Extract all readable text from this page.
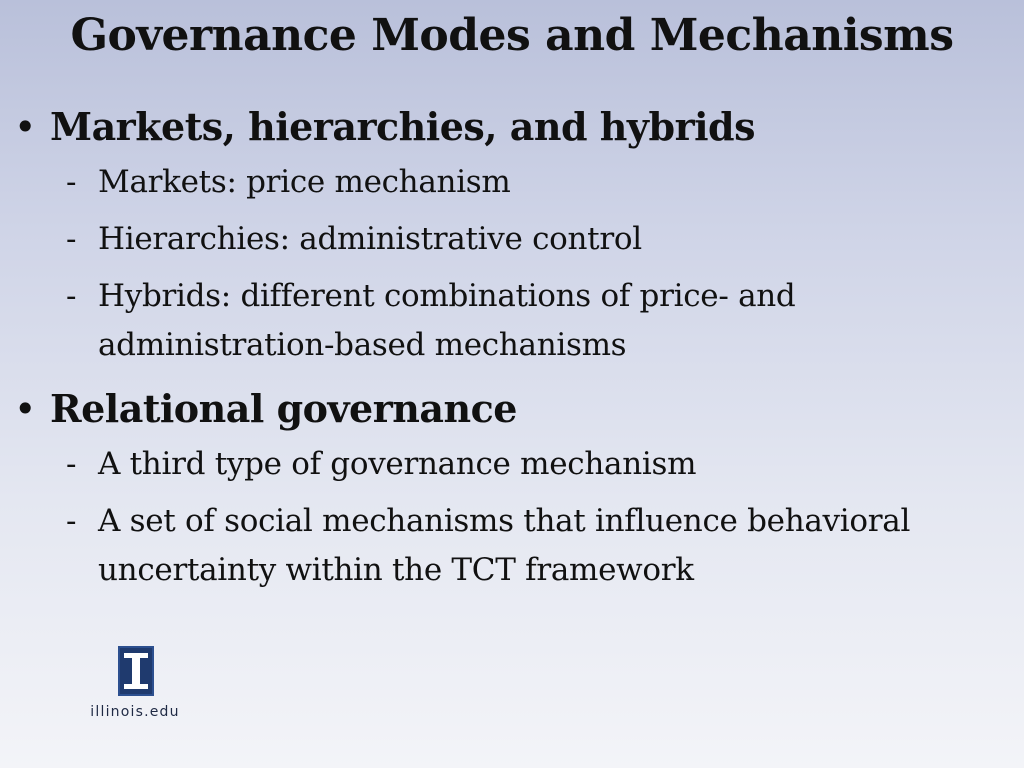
Governance Modes and Mechanisms
• Markets, hierarchies, and hybrids
- Markets: price mechanism
- Hierarchies: administrative control
- Hybrids: different combinations of price- and administration-based mechanisms
• Relational governance
- A third type of governance mechanism
- A set of social mechanisms that influence behavioral uncertainty within the TCT framework
illinois.edu
